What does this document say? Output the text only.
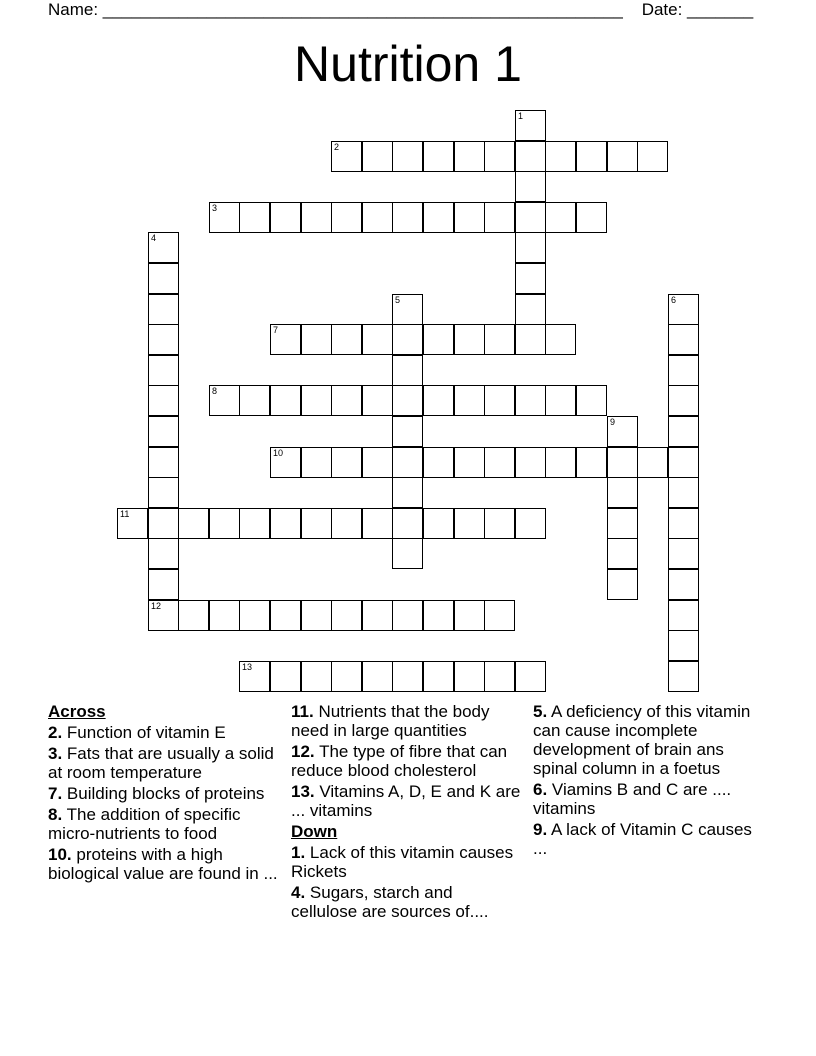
Name: _______________________________________________________    Date: _______
Nutrition 1
1
2
3
4
12
5	6
7
8
9
10
11
13
Across
2. Function of vitamin E
3. Fats that are usually a solid at room temperature
7. Building blocks of proteins
8. The addition of specific micro-nutrients to food
10. proteins with a high biological value are found in ...
11. Nutrients that the body need in large quantities
12. The type of fibre that can reduce blood cholesterol
13. Vitamins A, D, E and K are ... vitamins
Down
1. Lack of this vitamin causes Rickets
4. Sugars, starch and cellulose are sources of....
5. A deficiency of this vitamin can cause incomplete development of brain ans spinal column in a foetus
6. Viamins B and C are .... vitamins
9. A lack of Vitamin C causes ...
